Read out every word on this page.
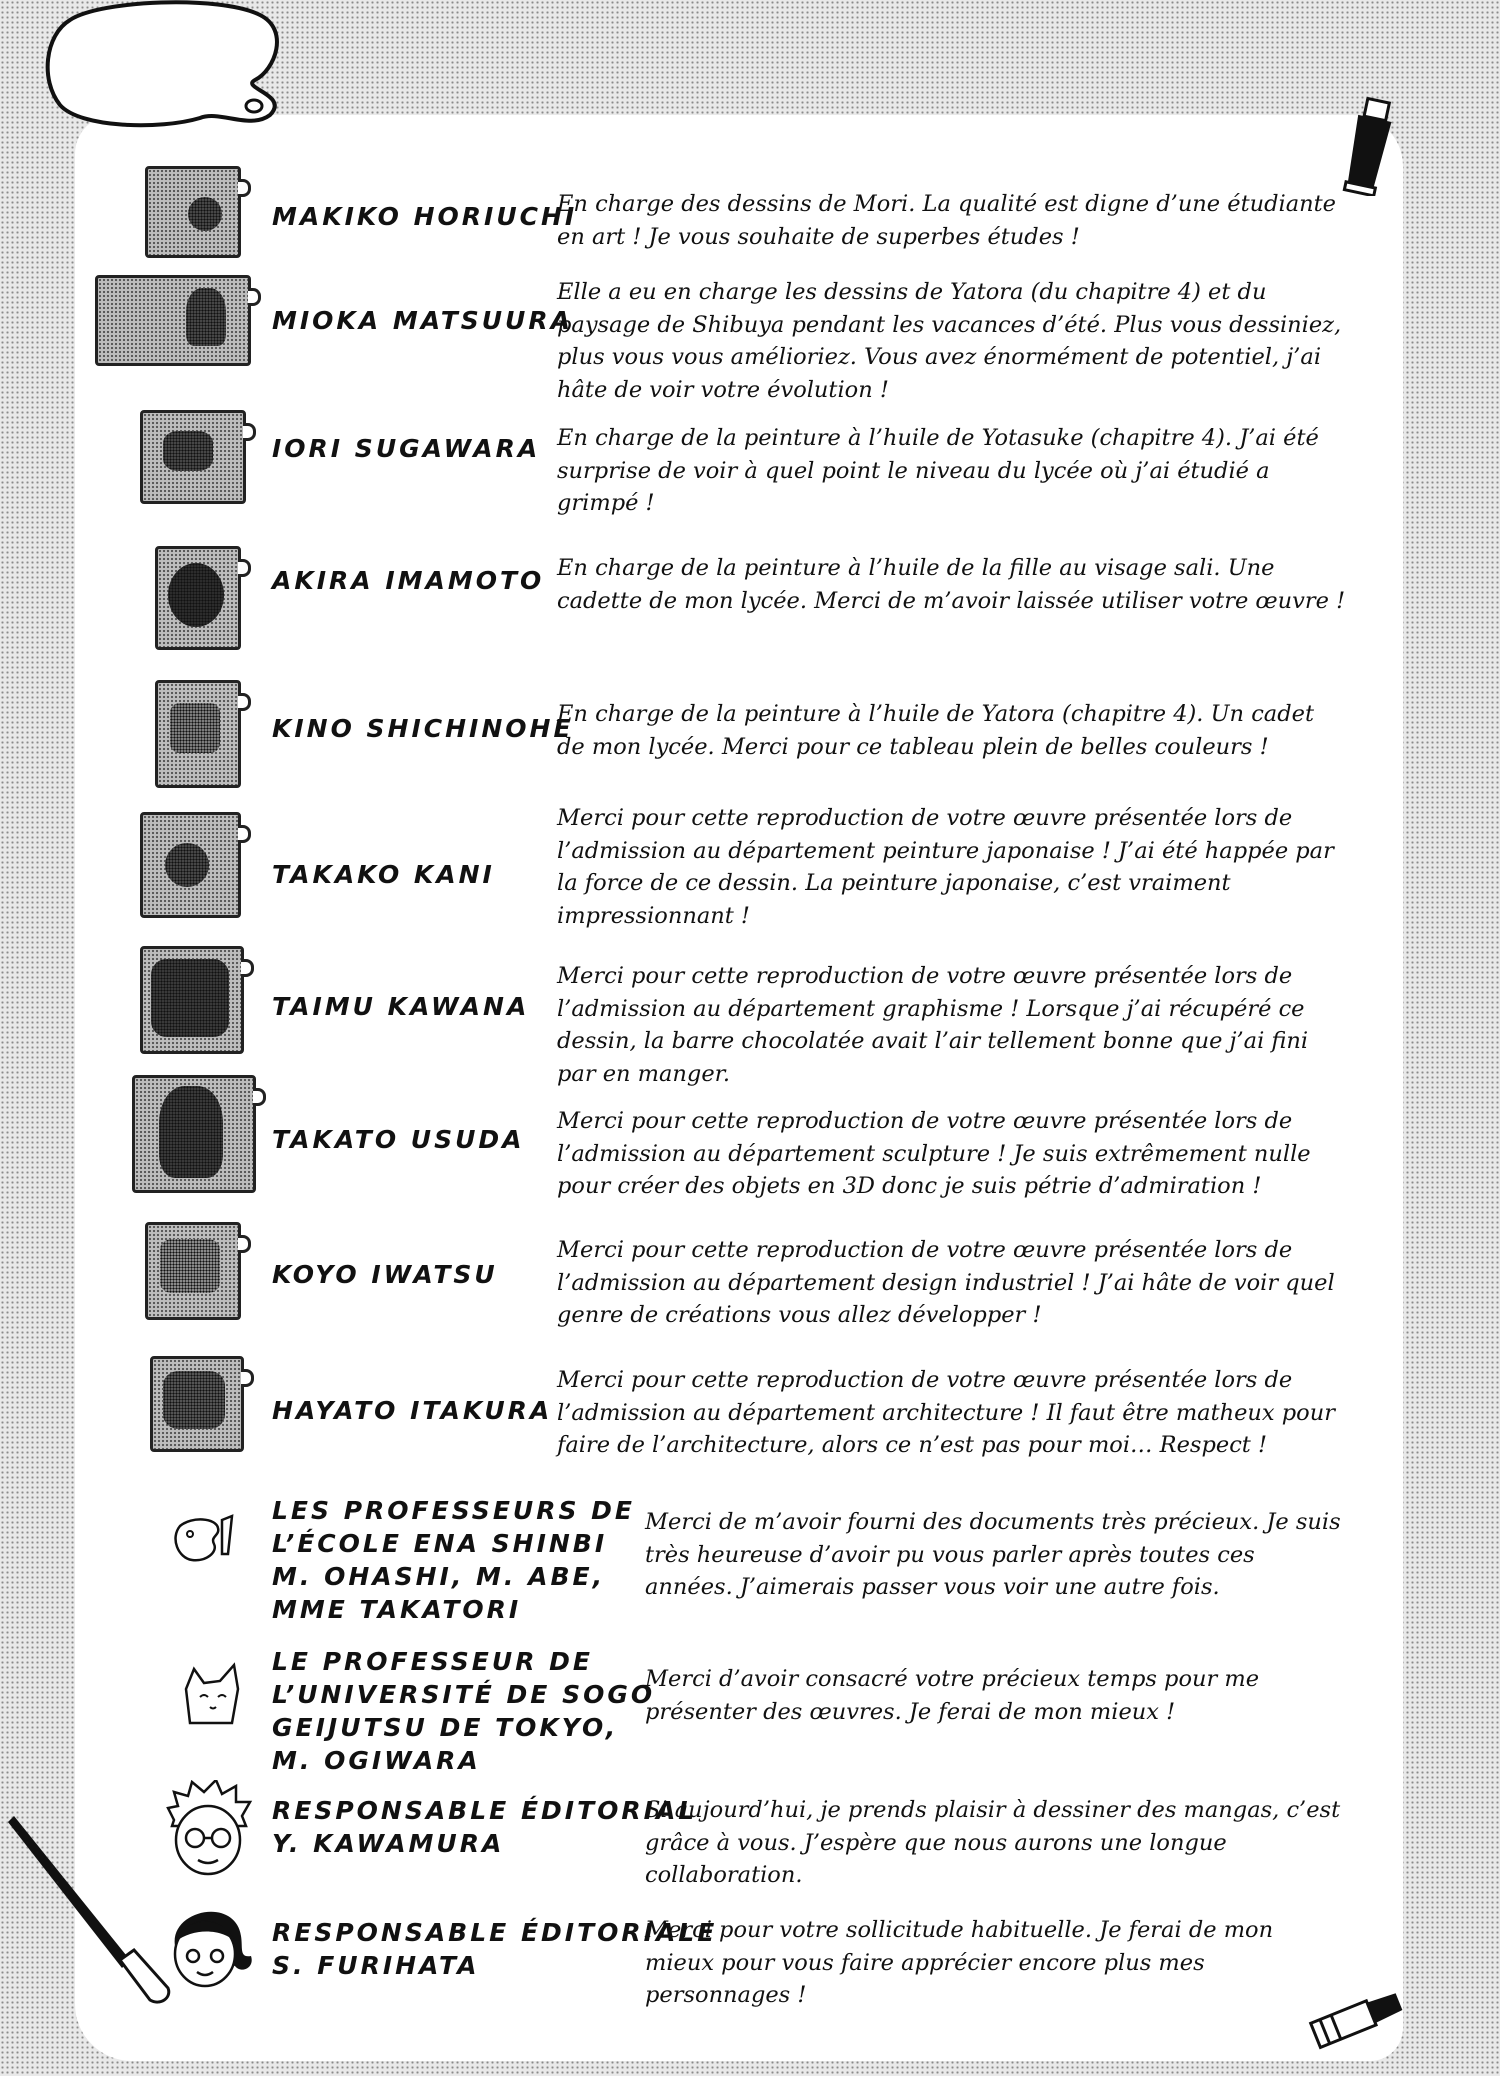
MAKIKO HORIUCHI
En charge des dessins de Mori. La qualité est digne d’une étudiante en art ! Je vous souhaite de superbes études !
MIOKA MATSUURA
Elle a eu en charge les dessins de Yatora (du chapitre 4) et du paysage de Shibuya pendant les vacances d’été. Plus vous dessiniez, plus vous vous amélioriez. Vous avez énormément de potentiel, j’ai hâte de voir votre évolution !
IORI SUGAWARA En charge de la peinture à l’huile de Yotasuke (chapitre 4). J’ai été surprise de voir à quel point le niveau du lycée où j’ai étudié a grimpé !
AKIRA IMAMOTO En charge de la peinture à l’huile de la fille au visage sali. Une cadette de mon lycée. Merci de m’avoir laissée utiliser votre œuvre !
KINO SHICHINOHE
En charge de la peinture à l’huile de Yatora (chapitre 4). Un cadet de mon lycée. Merci pour ce tableau plein de belles couleurs !
TAKAKO KANI
Merci pour cette reproduction de votre œuvre présentée lors de l’admission au département peinture japonaise ! J’ai été happée par la force de ce dessin. La peinture japonaise, c’est vraiment impressionnant !
TAIMU KAWANA
Merci pour cette reproduction de votre œuvre présentée lors de l’admission au département graphisme ! Lorsque j’ai récupéré ce dessin, la barre chocolatée avait l’air tellement bonne que j’ai fini par en manger.
TAKATO USUDA
Merci pour cette reproduction de votre œuvre présentée lors de l’admission au département sculpture ! Je suis extrêmement nulle pour créer des objets en 3D donc je suis pétrie d’admiration !
KOYO IWATSU
Merci pour cette reproduction de votre œuvre présentée lors de l’admission au département design industriel ! J’ai hâte de voir quel genre de créations vous allez développer !
HAYATO ITAKURA
Merci pour cette reproduction de votre œuvre présentée lors de l’admission au département architecture ! Il faut être matheux pour faire de l’architecture, alors ce n’est pas pour moi… Respect !
LES PROFESSEURS DE
L’ÉCOLE ENA SHINBI
M. OHASHI, M. ABE,
MME TAKATORI
Merci de m’avoir fourni des documents très précieux. Je suis très heureuse d’avoir pu vous parler après toutes ces années. J’aimerais passer vous voir une autre fois.
LE PROFESSEUR DE
L’UNIVERSITÉ DE SOGO
GEIJUTSU DE TOKYO,
M. OGIWARA
Merci d’avoir consacré votre précieux temps pour me présenter des œuvres. Je ferai de mon mieux !
RESPONSABLE ÉDITORIAL
Y. KAWAMURA
Si aujourd’hui, je prends plaisir à dessiner des mangas, c’est grâce à vous. J’espère que nous aurons une longue collaboration.
RESPONSABLE ÉDITORIALE
S. FURIHATA
Merci pour votre sollicitude habituelle. Je ferai de mon mieux pour vous faire apprécier encore plus mes personnages !
